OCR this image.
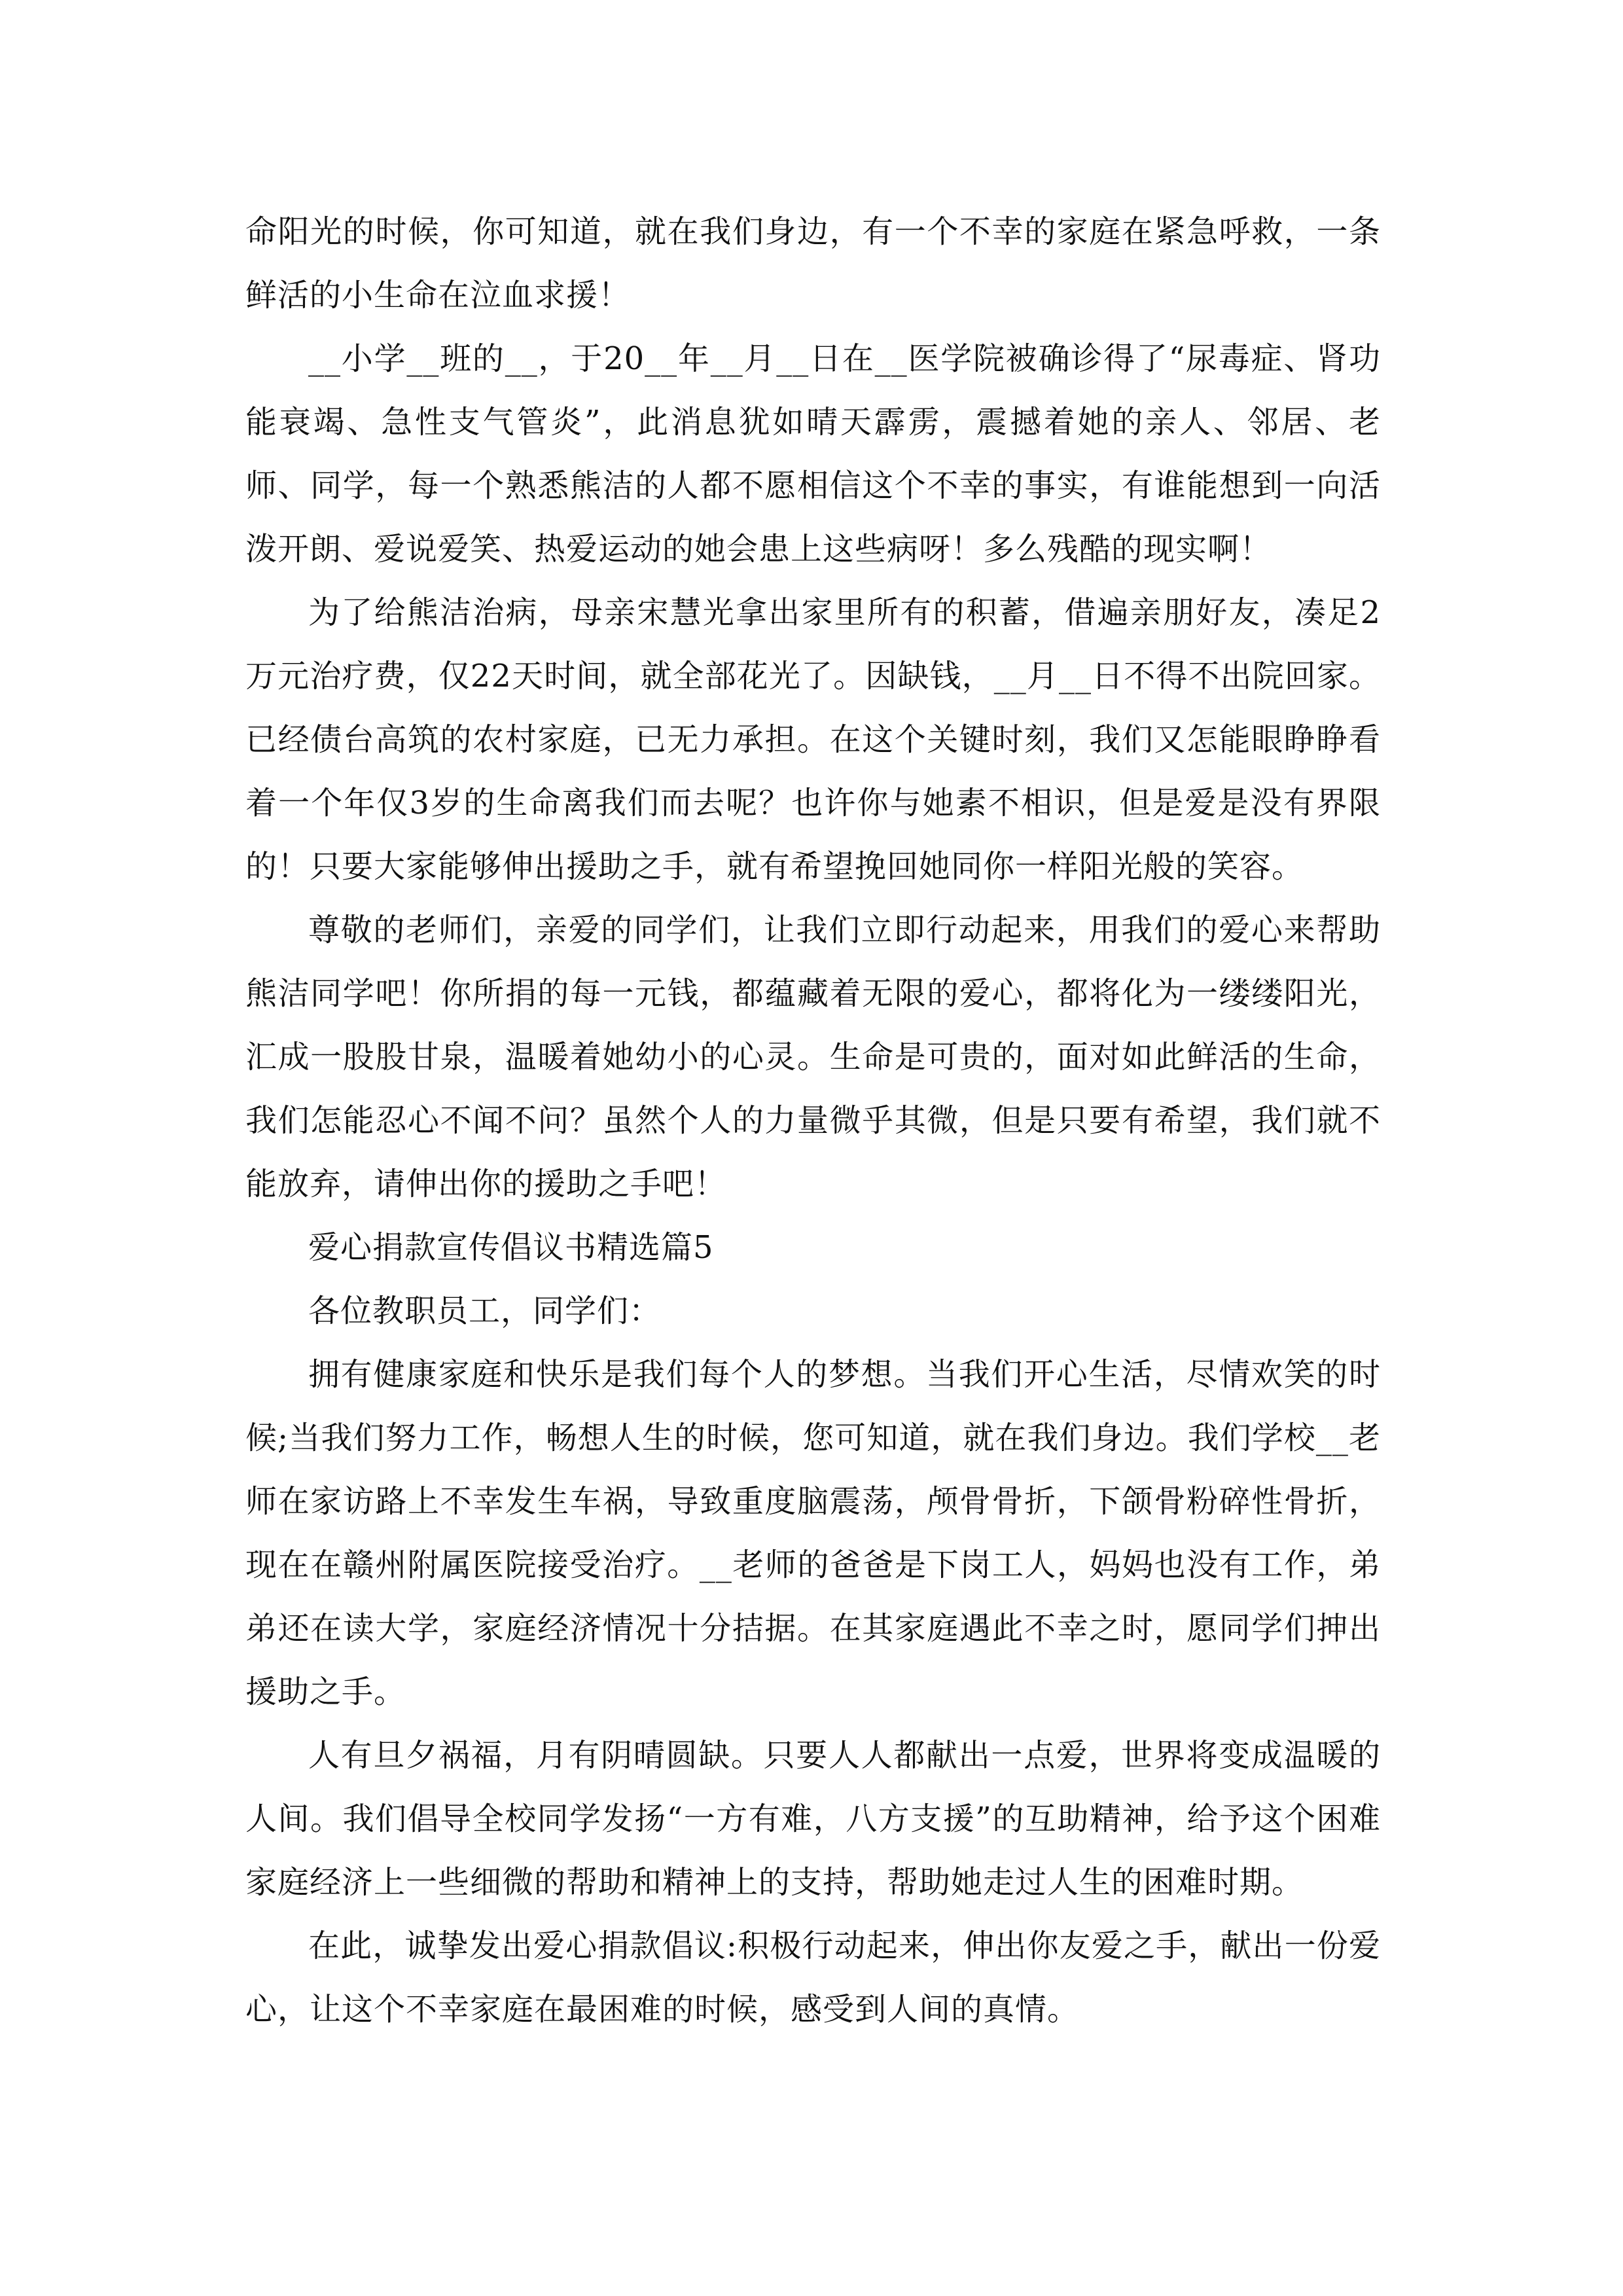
命阳光的时候，你可知道，就在我们身边，有一个不幸的家庭在紧急呼救，一条鲜活的小生命在泣血求援！

__小学__班的__，于20__年__月__日在__医学院被确诊得了“尿毒症、肾功能衰竭、急性支气管炎”，此消息犹如晴天霹雳，震撼着她的亲人、邻居、老师、同学，每一个熟悉熊洁的人都不愿相信这个不幸的事实，有谁能想到一向活泼开朗、爱说爱笑、热爱运动的她会患上这些病呀！多么残酷的现实啊！

为了给熊洁治病，母亲宋慧光拿出家里所有的积蓄，借遍亲朋好友，凑足2万元治疗费，仅22天时间，就全部花光了。因缺钱，__月__日不得不出院回家。已经债台高筑的农村家庭，已无力承担。在这个关键时刻，我们又怎能眼睁睁看着一个年仅3岁的生命离我们而去呢？也许你与她素不相识，但是爱是没有界限的！只要大家能够伸出援助之手，就有希望挽回她同你一样阳光般的笑容。

尊敬的老师们，亲爱的同学们，让我们立即行动起来，用我们的爱心来帮助熊洁同学吧！你所捐的每一元钱，都蕴藏着无限的爱心，都将化为一缕缕阳光，汇成一股股甘泉，温暖着她幼小的心灵。生命是可贵的，面对如此鲜活的生命，我们怎能忍心不闻不问？虽然个人的力量微乎其微，但是只要有希望，我们就不能放弃，请伸出你的援助之手吧！

爱心捐款宣传倡议书精选篇5

各位教职员工，同学们：

拥有健康家庭和快乐是我们每个人的梦想。当我们开心生活，尽情欢笑的时候;当我们努力工作，畅想人生的时候，您可知道，就在我们身边。我们学校__老师在家访路上不幸发生车祸，导致重度脑震荡，颅骨骨折，下颌骨粉碎性骨折，现在在赣州附属医院接受治疗。__老师的爸爸是下岗工人，妈妈也没有工作，弟弟还在读大学，家庭经济情况十分拮据。在其家庭遇此不幸之时，愿同学们抻出援助之手。

人有旦夕祸福，月有阴晴圆缺。只要人人都献出一点爱，世界将变成温暖的人间。我们倡导全校同学发扬“一方有难，八方支援”的互助精神，给予这个困难家庭经济上一些细微的帮助和精神上的支持，帮助她走过人生的困难时期。

在此，诚挚发出爱心捐款倡议:积极行动起来，伸出你友爱之手，献出一份爱心，让这个不幸家庭在最困难的时候，感受到人间的真情。
